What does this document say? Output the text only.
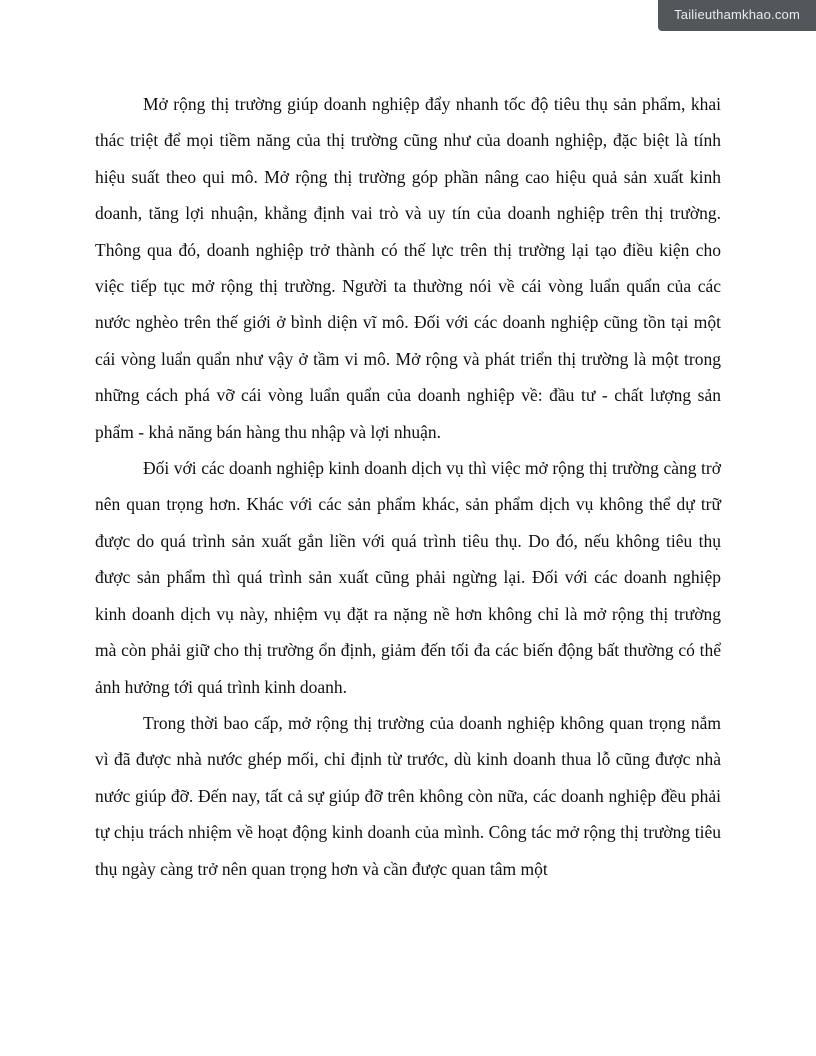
Tailieuthamkhao.com

Mở rộng thị trường giúp doanh nghiệp đẩy nhanh tốc độ tiêu thụ sản phẩm, khai thác triệt để mọi tiềm năng của thị trường cũng như của doanh nghiệp, đặc biệt là tính hiệu suất theo qui mô. Mở rộng thị trường góp phần nâng cao hiệu quả sản xuất kinh doanh, tăng lợi nhuận, khẳng định vai trò và uy tín của doanh nghiệp trên thị trường. Thông qua đó, doanh nghiệp trở thành có thế lực trên thị trường lại tạo điều kiện cho việc tiếp tục mở rộng thị trường. Người ta thường nói về cái vòng luẩn quẩn của các nước nghèo trên thế giới ở bình diện vĩ mô. Đối với các doanh nghiệp cũng tồn tại một cái vòng luẩn quẩn như vậy ở tầm vi mô. Mở rộng và phát triển thị trường là một trong những cách phá vỡ cái vòng luẩn quẩn của doanh nghiệp về: đầu tư - chất lượng sản phẩm - khả năng bán hàng thu nhập và lợi nhuận.

Đối với các doanh nghiệp kinh doanh dịch vụ thì việc mở rộng thị trường càng trở nên quan trọng hơn. Khác với các sản phẩm khác, sản phẩm dịch vụ không thể dự trữ được do quá trình sản xuất gắn liền với quá trình tiêu thụ. Do đó, nếu không tiêu thụ được sản phẩm thì quá trình sản xuất cũng phải ngừng lại. Đối với các doanh nghiệp kinh doanh dịch vụ này, nhiệm vụ đặt ra nặng nề hơn không chỉ là mở rộng thị trường mà còn phải giữ cho thị trường ổn định, giảm đến tối đa các biến động bất thường có thể ảnh hưởng tới quá trình kinh doanh.

Trong thời bao cấp, mở rộng thị trường của doanh nghiệp không quan trọng nắm vì đã được nhà nước ghép mối, chỉ định từ trước, dù kinh doanh thua lỗ cũng được nhà nước giúp đỡ. Đến nay, tất cả sự giúp đỡ trên không còn nữa, các doanh nghiệp đều phải tự chịu trách nhiệm về hoạt động kinh doanh của mình. Công tác mở rộng thị trường tiêu thụ ngày càng trở nên quan trọng hơn và cần được quan tâm một
